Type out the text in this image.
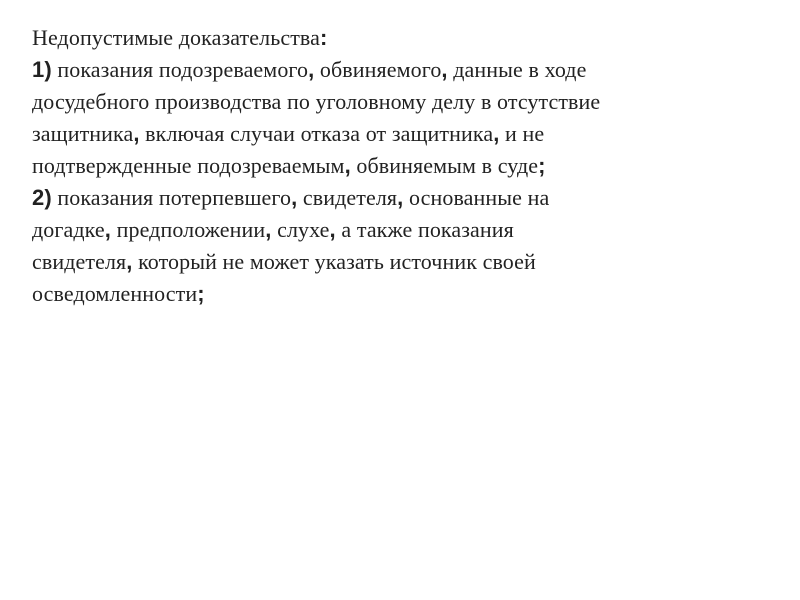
Недопустимые доказательства:
1) показания подозреваемого, обвиняемого, данные в ходе
досудебного производства по уголовному делу в отсутствие
защитника, включая случаи отказа от защитника, и не
подтвержденные подозреваемым, обвиняемым в суде;
2) показания потерпевшего, свидетеля, основанные на
догадке, предположении, слухе, а также показания
свидетеля, который не может указать источник своей
осведомленности;
